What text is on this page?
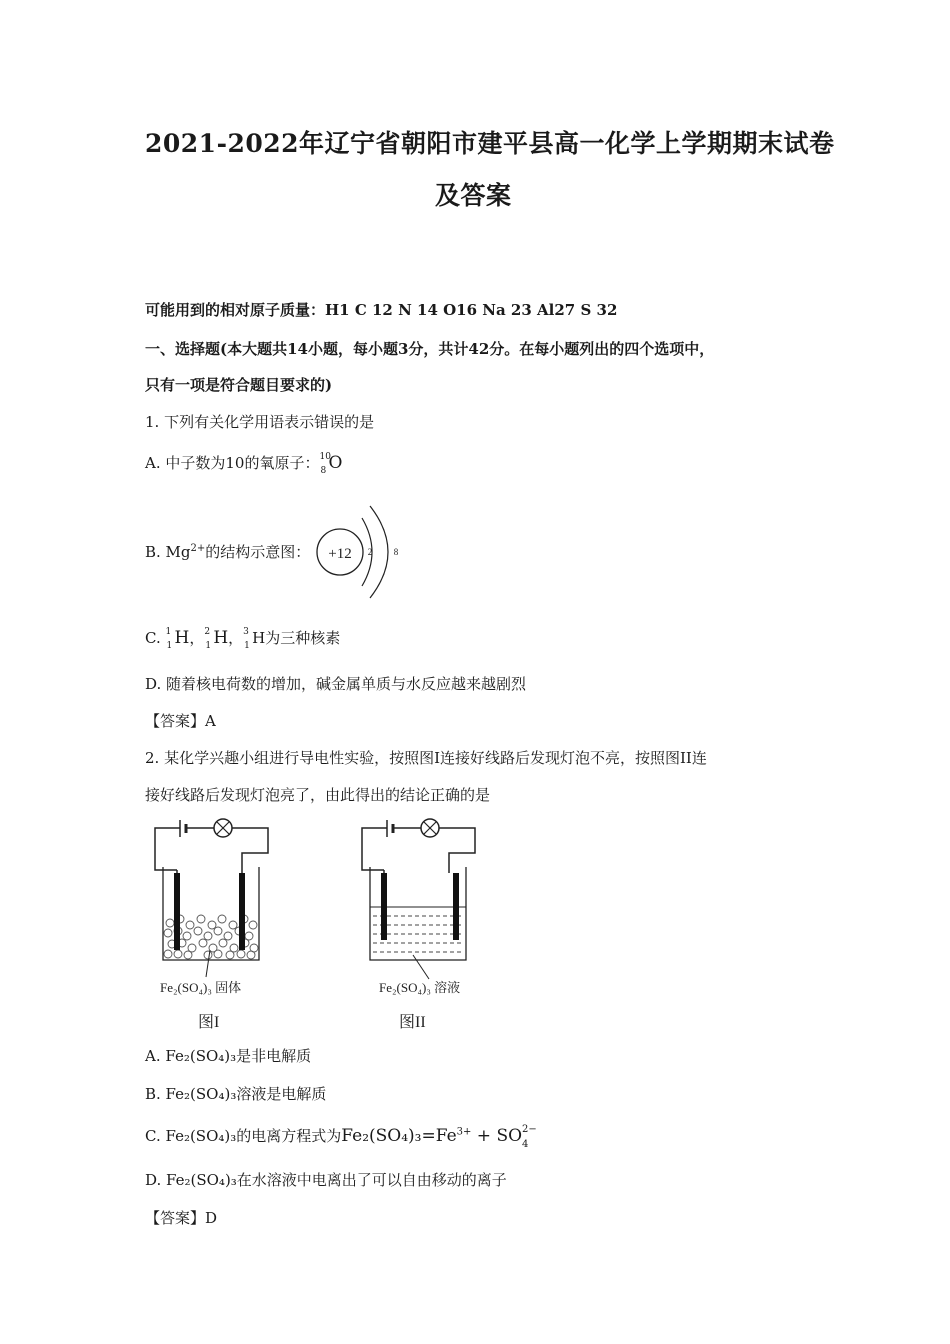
2021-2022年辽宁省朝阳市建平县高一化学上学期期末试卷
及答案
可能用到的相对原子质量：H1 C 12 N 14 O16 Na 23 Al27 S 32
一、选择题(本大题共14小题，每小题3分，共计42分。在每小题列出的四个选项中，
只有一项是符合题目要求的)
1. 下列有关化学用语表示错误的是
A. 中子数为10的氧原子： 10
8 O
B. $Mg^{2+}$的结构示意图： +12 2 8
C. 1
1 H， 2
1 H， 3
1 H为三种核素
D. 随着核电荷数的增加，碱金属单质与水反应越来越剧烈
【答案】A
2. 某化学兴趣小组进行导电性实验，按照图I连接好线路后发现灯泡不亮，按照图II连
接好线路后发现灯泡亮了，由此得出的结论正确的是
Fe₂(SO₄)₃ 固体
图I
Fe₂(SO₄)₃ 溶液
图II
A. Fe₂(SO₄)₃是非电解质
B. Fe₂(SO₄)₃溶液是电解质
C. Fe₂(SO₄)₃的电离方程式为$Fe_2(SO_4)_3=Fe^{3+}$ + SO 2−
4
D. Fe₂(SO₄)₃在水溶液中电离出了可以自由移动的离子
【答案】D
